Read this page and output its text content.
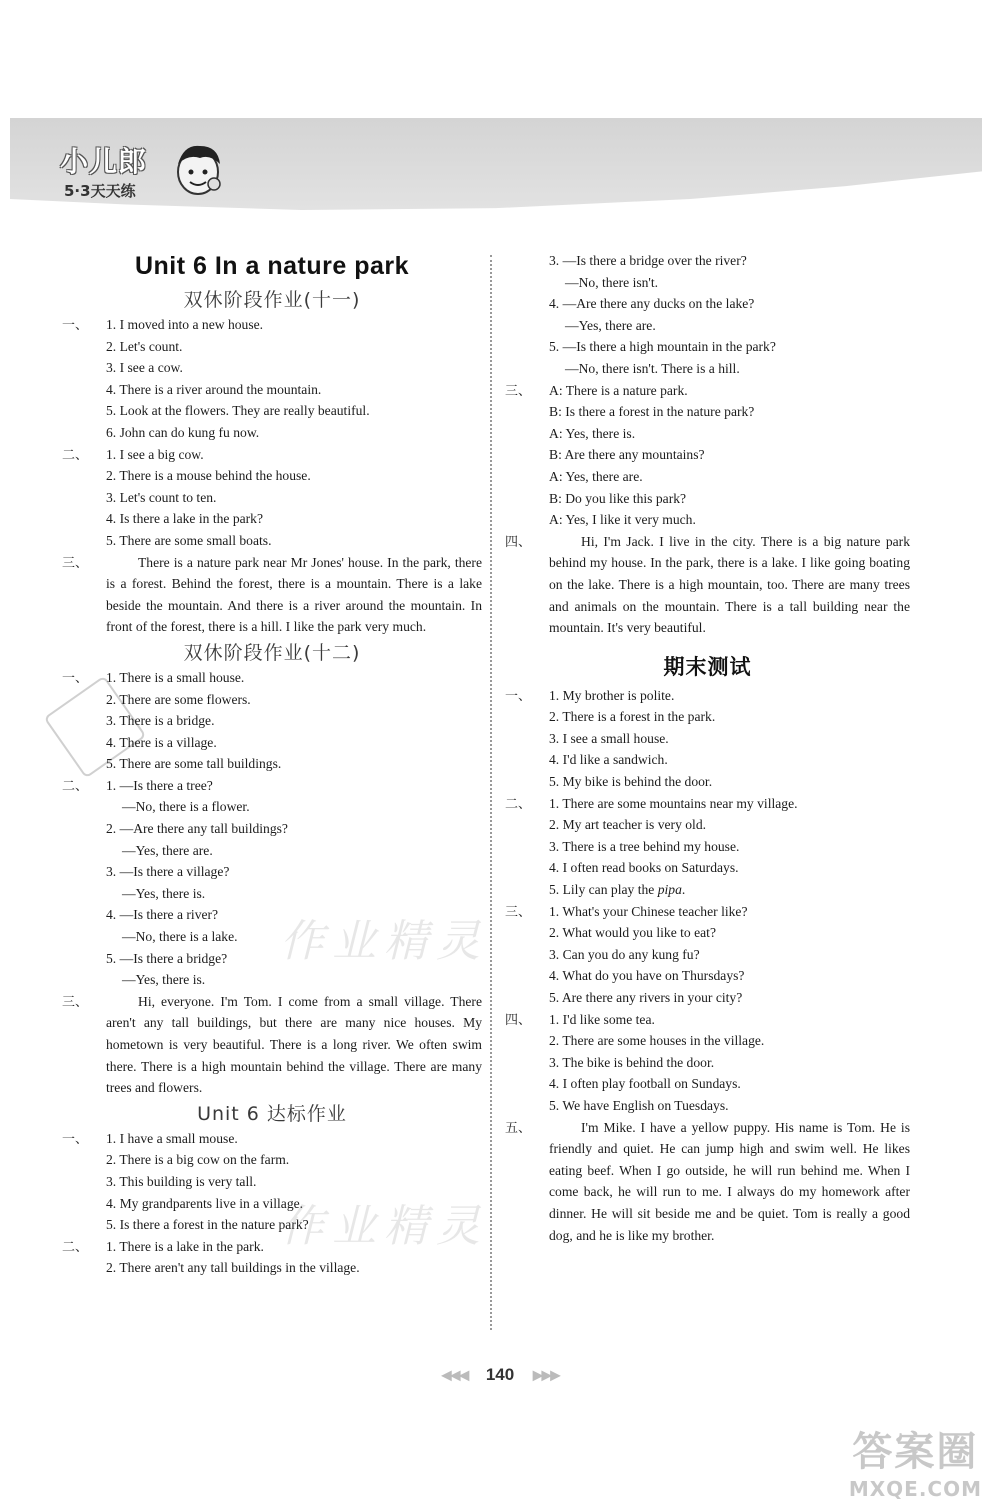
小儿郎
5·3天天练
Unit 6 In a nature park
双休阶段作业(十一)
一、	1. I moved into a new house.
2. Let's count.
3. I see a cow.
4. There is a river around the mountain.
5. Look at the flowers. They are really beautiful.
6. John can do kung fu now.
二、	1. I see a big cow.
2. There is a mouse behind the house.
3. Let's count to ten.
4. Is there a lake in the park?
5. There are some small boats.
三、	There is a nature park near Mr Jones' house. In the park, there is a forest. Behind the forest, there is a mountain. There is a lake beside the mountain. And there is a river around the mountain. In front of the forest, there is a hill. I like the park very much.
双休阶段作业(十二)
一、	1. There is a small house.
2. There are some flowers.
3. There is a bridge.
4. There is a village.
5. There are some tall buildings.
二、	1. —Is there a tree?
—No, there is a flower.
2. —Are there any tall buildings?
—Yes, there are.
3. —Is there a village?
—Yes, there is.
4. —Is there a river?
—No, there is a lake.
5. —Is there a bridge?
—Yes, there is.
三、	Hi, everyone. I'm Tom. I come from a small village. There aren't any tall buildings, but there are many nice houses. My hometown is very beautiful. There is a long river. We often swim there. There is a high mountain behind the village. There are many trees and flowers.
Unit 6 达标作业
一、	1. I have a small mouse.
2. There is a big cow on the farm.
3. This building is very tall.
4. My grandparents live in a village.
5. Is there a forest in the nature park?
二、	1. There is a lake in the park.
2. There aren't any tall buildings in the village.
3. —Is there a bridge over the river?
—No, there isn't.
4. —Are there any ducks on the lake?
—Yes, there are.
5. —Is there a high mountain in the park?
—No, there isn't. There is a hill.
三、	A: There is a nature park.
B: Is there a forest in the nature park?
A: Yes, there is.
B: Are there any mountains?
A: Yes, there are.
B: Do you like this park?
A: Yes, I like it very much.
四、	Hi, I'm Jack. I live in the city. There is a big nature park behind my house. In the park, there is a lake. I like going boating on the lake. There is a high mountain, too. There are many trees and animals on the mountain. There is a tall building near the mountain. It's very beautiful.
期末测试
一、	1. My brother is polite.
2. There is a forest in the park.
3. I see a small house.
4. I'd like a sandwich.
5. My bike is behind the door.
二、	1. There are some mountains near my village.
2. My art teacher is very old.
3. There is a tree behind my house.
4. I often read books on Saturdays.
5. Lily can play the pipa.
三、	1. What's your Chinese teacher like?
2. What would you like to eat?
3. Can you do any kung fu?
4. What do you have on Thursdays?
5. Are there any rivers in your city?
四、	1. I'd like some tea.
2. There are some houses in the village.
3. The bike is behind the door.
4. I often play football on Sundays.
5. We have English on Tuesdays.
五、	I'm Mike. I have a yellow puppy. His name is Tom. He is friendly and quiet. He can jump high and swim well. He likes eating beef. When I go outside, he will run behind me. When I come back, he will run to me. I always do my homework after dinner. He will sit beside me and be quiet. Tom is really a good dog, and he is like my brother.
作业精灵
作业精灵
◀◀◀ 140 ▶▶▶
答案圈
MXQE.COM
